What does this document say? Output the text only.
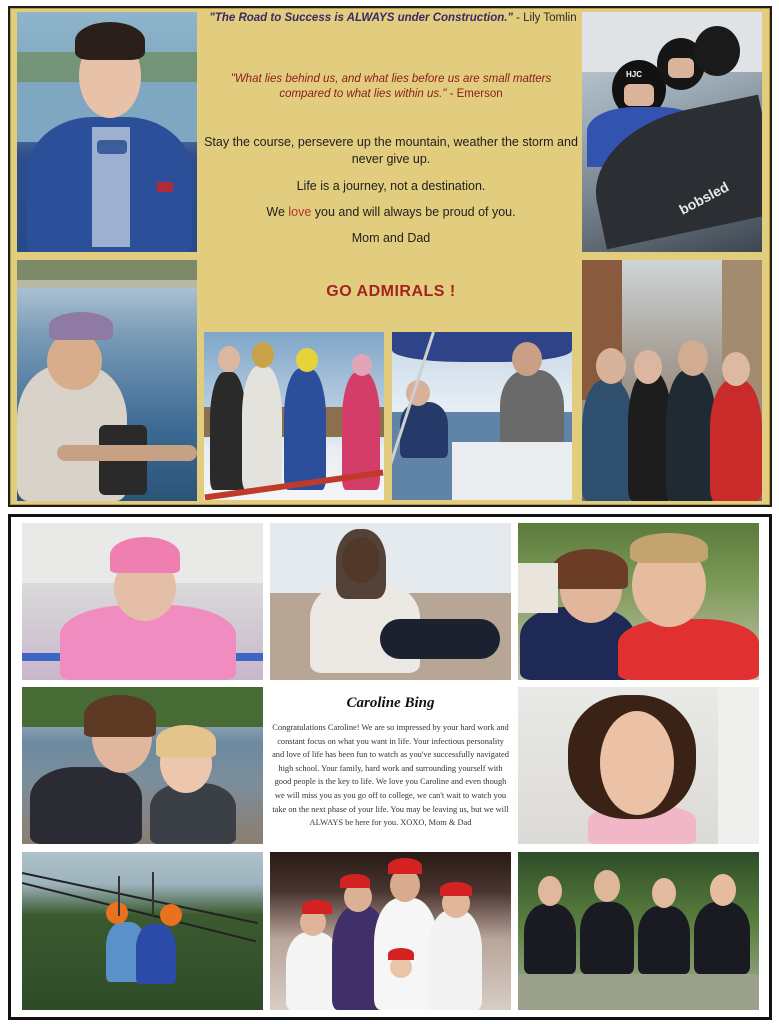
bobsled
HJC
"The Road to Success is ALWAYS under Construction." - Lily Tomlin
"What lies behind us, and what lies before us are small matters compared to what lies within us." - Emerson
Stay the course, persevere up the mountain, weather the storm and never give up.
Life is a journey, not a destination.
We love you and will always be proud of you.
Mom and Dad
GO ADMIRALS !
Caroline Bing
Congratulations Caroline! We are so impressed by your hard work and constant focus on what you want in life. Your infectious personality and love of life has been fun to watch as you've successfully navigated high school. Your family, hard work and surrounding yourself with good people is the key to life. We love you Caroline and even though we will miss you as you go off to college, we can't wait to watch you take on the next phase of your life. You may be leaving us, but we will ALWAYS be here for you. XOXO, Mom & Dad
